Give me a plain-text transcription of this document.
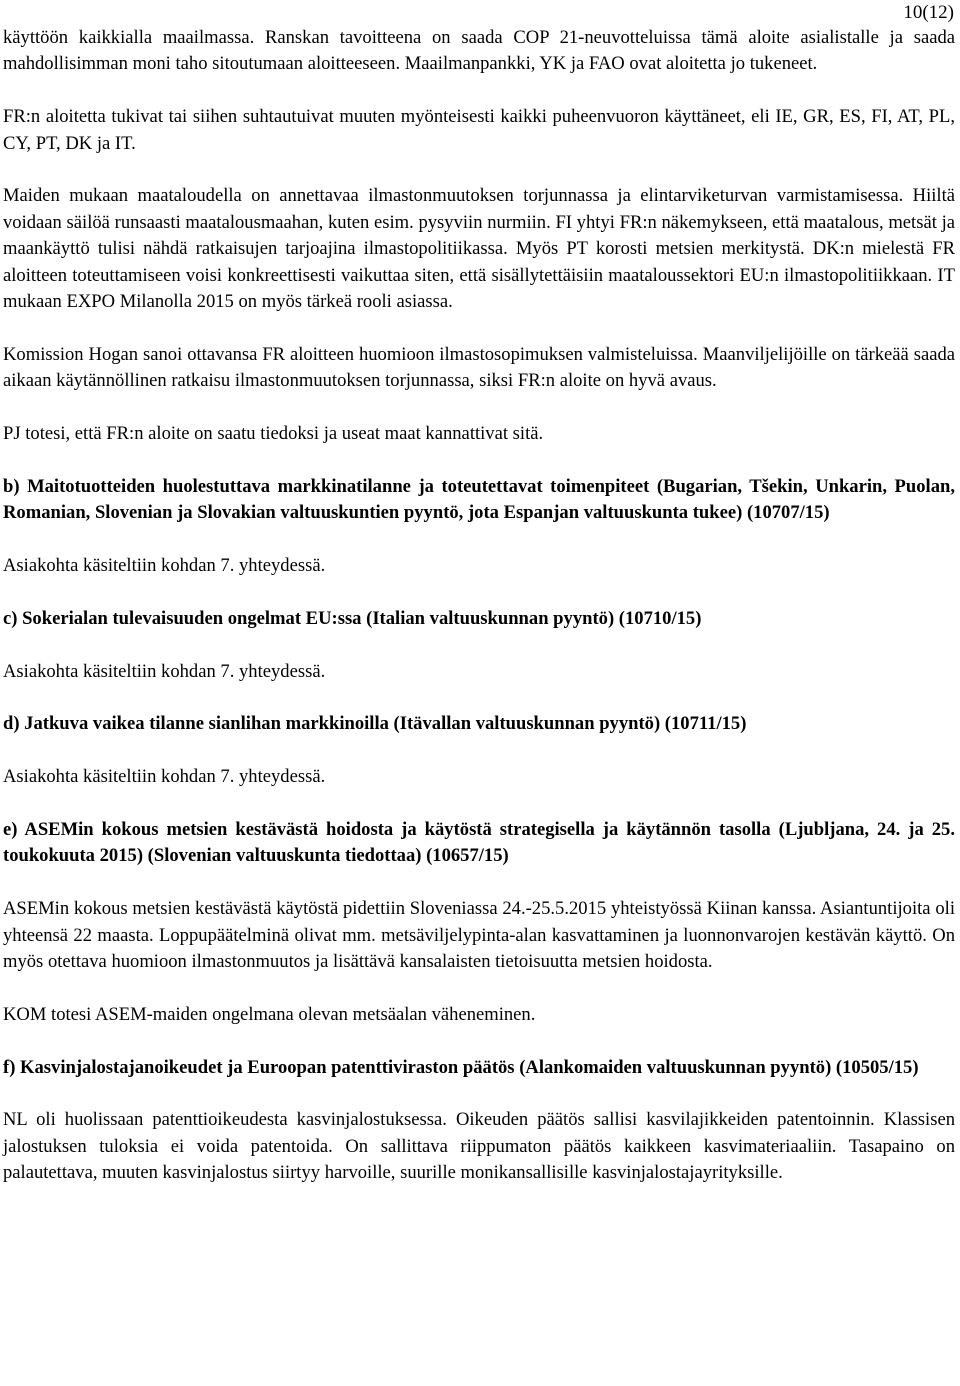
10(12)

käyttöön kaikkialla maailmassa. Ranskan tavoitteena on saada COP 21-neuvotteluissa tämä aloite asialistalle ja saada mahdollisimman moni taho sitoutumaan aloitteeseen. Maailmanpankki, YK ja FAO ovat aloitetta jo tukeneet.

FR:n aloitetta tukivat tai siihen suhtautuivat muuten myönteisesti kaikki puheenvuoron käyttäneet, eli IE, GR, ES, FI, AT, PL, CY, PT, DK ja IT.

Maiden mukaan maataloudella on annettavaa ilmastonmuutoksen torjunnassa ja elintarviketurvan varmistamisessa. Hiiltä voidaan säilöä runsaasti maatalousmaahan, kuten esim. pysyviin nurmiin. FI yhtyi FR:n näkemykseen, että maatalous, metsät ja maankäyttö tulisi nähdä ratkaisujen tarjoajina ilmastopolitiikassa. Myös PT korosti metsien merkitystä. DK:n mielestä FR aloitteen toteuttamiseen voisi konkreettisesti vaikuttaa siten, että sisällytettäisiin maataloussektori EU:n ilmastopolitiikkaan. IT mukaan EXPO Milanolla 2015 on myös tärkeä rooli asiassa.

Komission Hogan sanoi ottavansa FR aloitteen huomioon ilmastosopimuksen valmisteluissa. Maanviljelijöille on tärkeää saada aikaan käytännöllinen ratkaisu ilmastonmuutoksen torjunnassa, siksi FR:n aloite on hyvä avaus.

PJ totesi, että FR:n aloite on saatu tiedoksi ja useat maat kannattivat sitä.

b) Maitotuotteiden huolestuttava markkinatilanne ja toteutettavat toimenpiteet (Bugarian, Tšekin, Unkarin, Puolan, Romanian, Slovenian ja Slovakian valtuuskuntien pyyntö, jota Espanjan valtuuskunta tukee) (10707/15)

Asiakohta käsiteltiin kohdan 7. yhteydessä.

c) Sokerialan tulevaisuuden ongelmat EU:ssa (Italian valtuuskunnan pyyntö) (10710/15)

Asiakohta käsiteltiin kohdan 7. yhteydessä.

d) Jatkuva vaikea tilanne sianlihan markkinoilla (Itävallan valtuuskunnan pyyntö) (10711/15)

Asiakohta käsiteltiin kohdan 7. yhteydessä.

e) ASEMin kokous metsien kestävästä hoidosta ja käytöstä strategisella ja käytännön tasolla (Ljubljana, 24. ja 25. toukokuuta 2015) (Slovenian valtuuskunta tiedottaa) (10657/15)

ASEMin kokous metsien kestävästä käytöstä pidettiin Sloveniassa 24.-25.5.2015 yhteistyössä Kiinan kanssa. Asiantuntijoita oli yhteensä 22 maasta. Loppupäätelminä olivat mm. metsäviljelypinta-alan kasvattaminen ja luonnonvarojen kestävän käyttö. On myös otettava huomioon ilmastonmuutos ja lisättävä kansalaisten tietoisuutta metsien hoidosta.

KOM totesi ASEM-maiden ongelmana olevan metsäalan väheneminen.

f) Kasvinjalostajanoikeudet ja Euroopan patenttiviraston päätös (Alankomaiden valtuuskunnan pyyntö) (10505/15)

NL oli huolissaan patenttioikeudesta kasvinjalostuksessa. Oikeuden päätös sallisi kasvilajikkeiden patentoinnin. Klassisen jalostuksen tuloksia ei voida patentoida. On sallittava riippumaton päätös kaikkeen kasvimateriaaliin. Tasapaino on palautettava, muuten kasvinjalostus siirtyy harvoille, suurille monikansallisille kasvinjalostajayrityksille.
